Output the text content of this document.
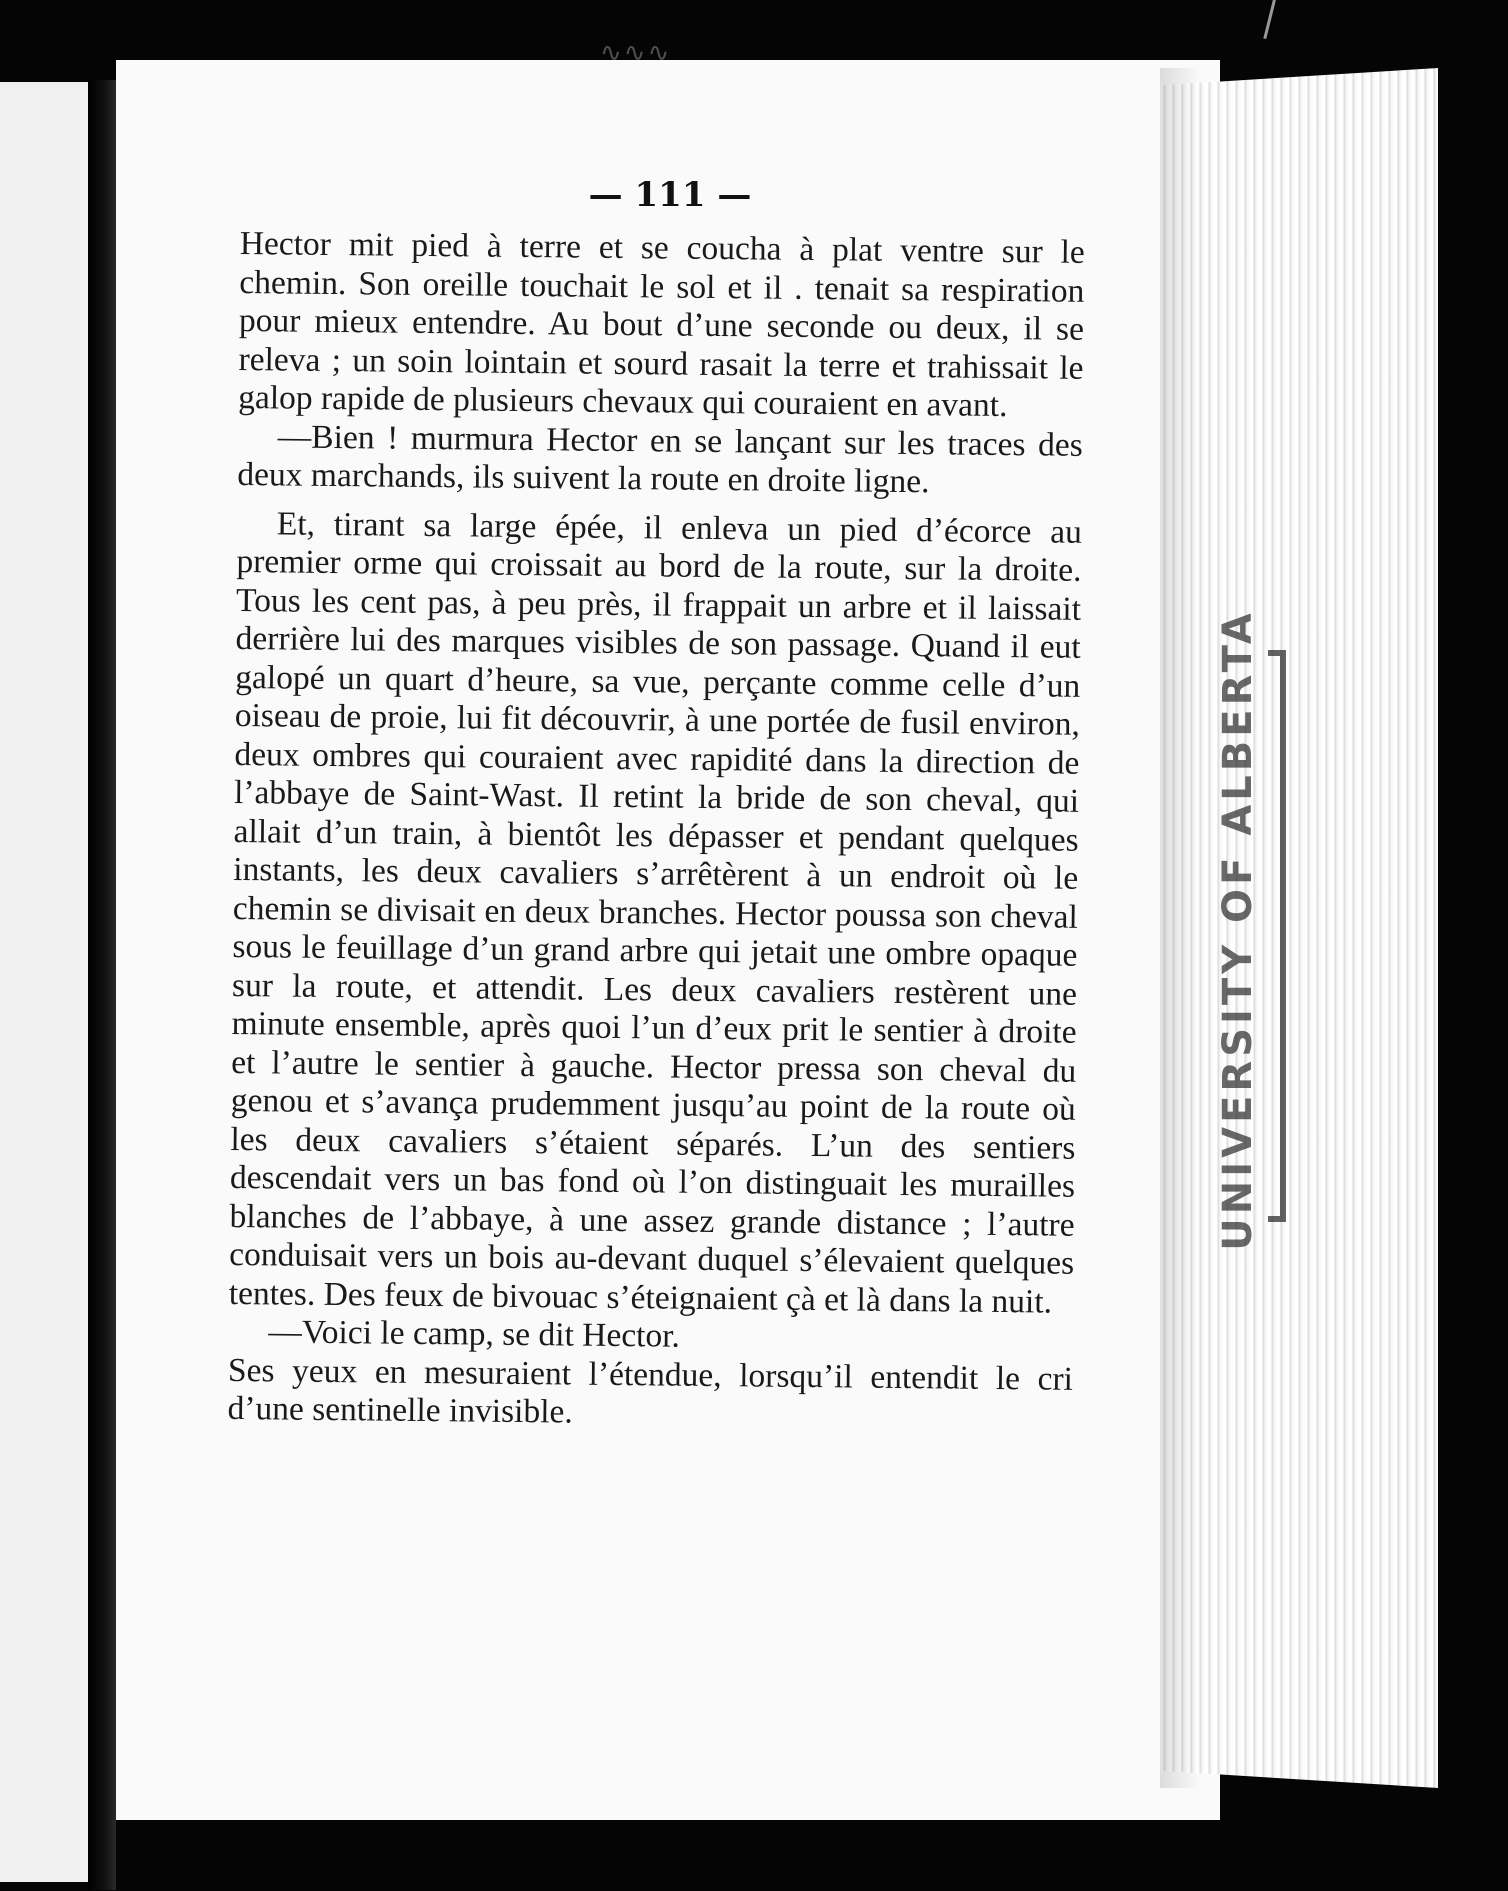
∿∿∿
UNIVERSITY OF ALBERTA
— 111 —

Hector mit pied à terre et se coucha à plat ventre sur le chemin. Son oreille touchait le sol et il . tenait sa respiration pour mieux entendre. Au bout d’une seconde ou deux, il se releva ; un soin lointain et sourd rasait la terre et trahissait le galop rapide de plusieurs chevaux qui couraient en avant.

—Bien ! murmura Hector en se lançant sur les traces des deux marchands, ils suivent la route en droite ligne.

Et, tirant sa large épée, il enleva un pied d’écorce au premier orme qui croissait au bord de la route, sur la droite. Tous les cent pas, à peu près, il frappait un arbre et il laissait derrière lui des marques visibles de son passage. Quand il eut galopé un quart d’heure, sa vue, perçante comme celle d’un oiseau de proie, lui fit découvrir, à une portée de fusil environ, deux ombres qui couraient avec rapidité dans la direction de l’abbaye de Saint-Wast. Il retint la bride de son cheval, qui allait d’un train, à bientôt les dépasser et pendant quelques instants, les deux cavaliers s’arrêtèrent à un endroit où le chemin se divisait en deux branches. Hector poussa son cheval sous le feuillage d’un grand arbre qui jetait une ombre opaque sur la route, et attendit. Les deux cavaliers restèrent une minute ensemble, après quoi l’un d’eux prit le sentier à droite et l’autre le sentier à gauche. Hector pressa son cheval du genou et s’avança prudemment jusqu’au point de la route où les deux cavaliers s’étaient séparés. L’un des sentiers descendait vers un bas fond où l’on distinguait les murailles blanches de l’abbaye, à une assez grande distance ; l’autre conduisait vers un bois au-devant duquel s’élevaient quelques tentes. Des feux de bivouac s’éteignaient çà et là dans la nuit.

—Voici le camp, se dit Hector.

Ses yeux en mesuraient l’étendue, lorsqu’il entendit le cri d’une sentinelle invisible.
